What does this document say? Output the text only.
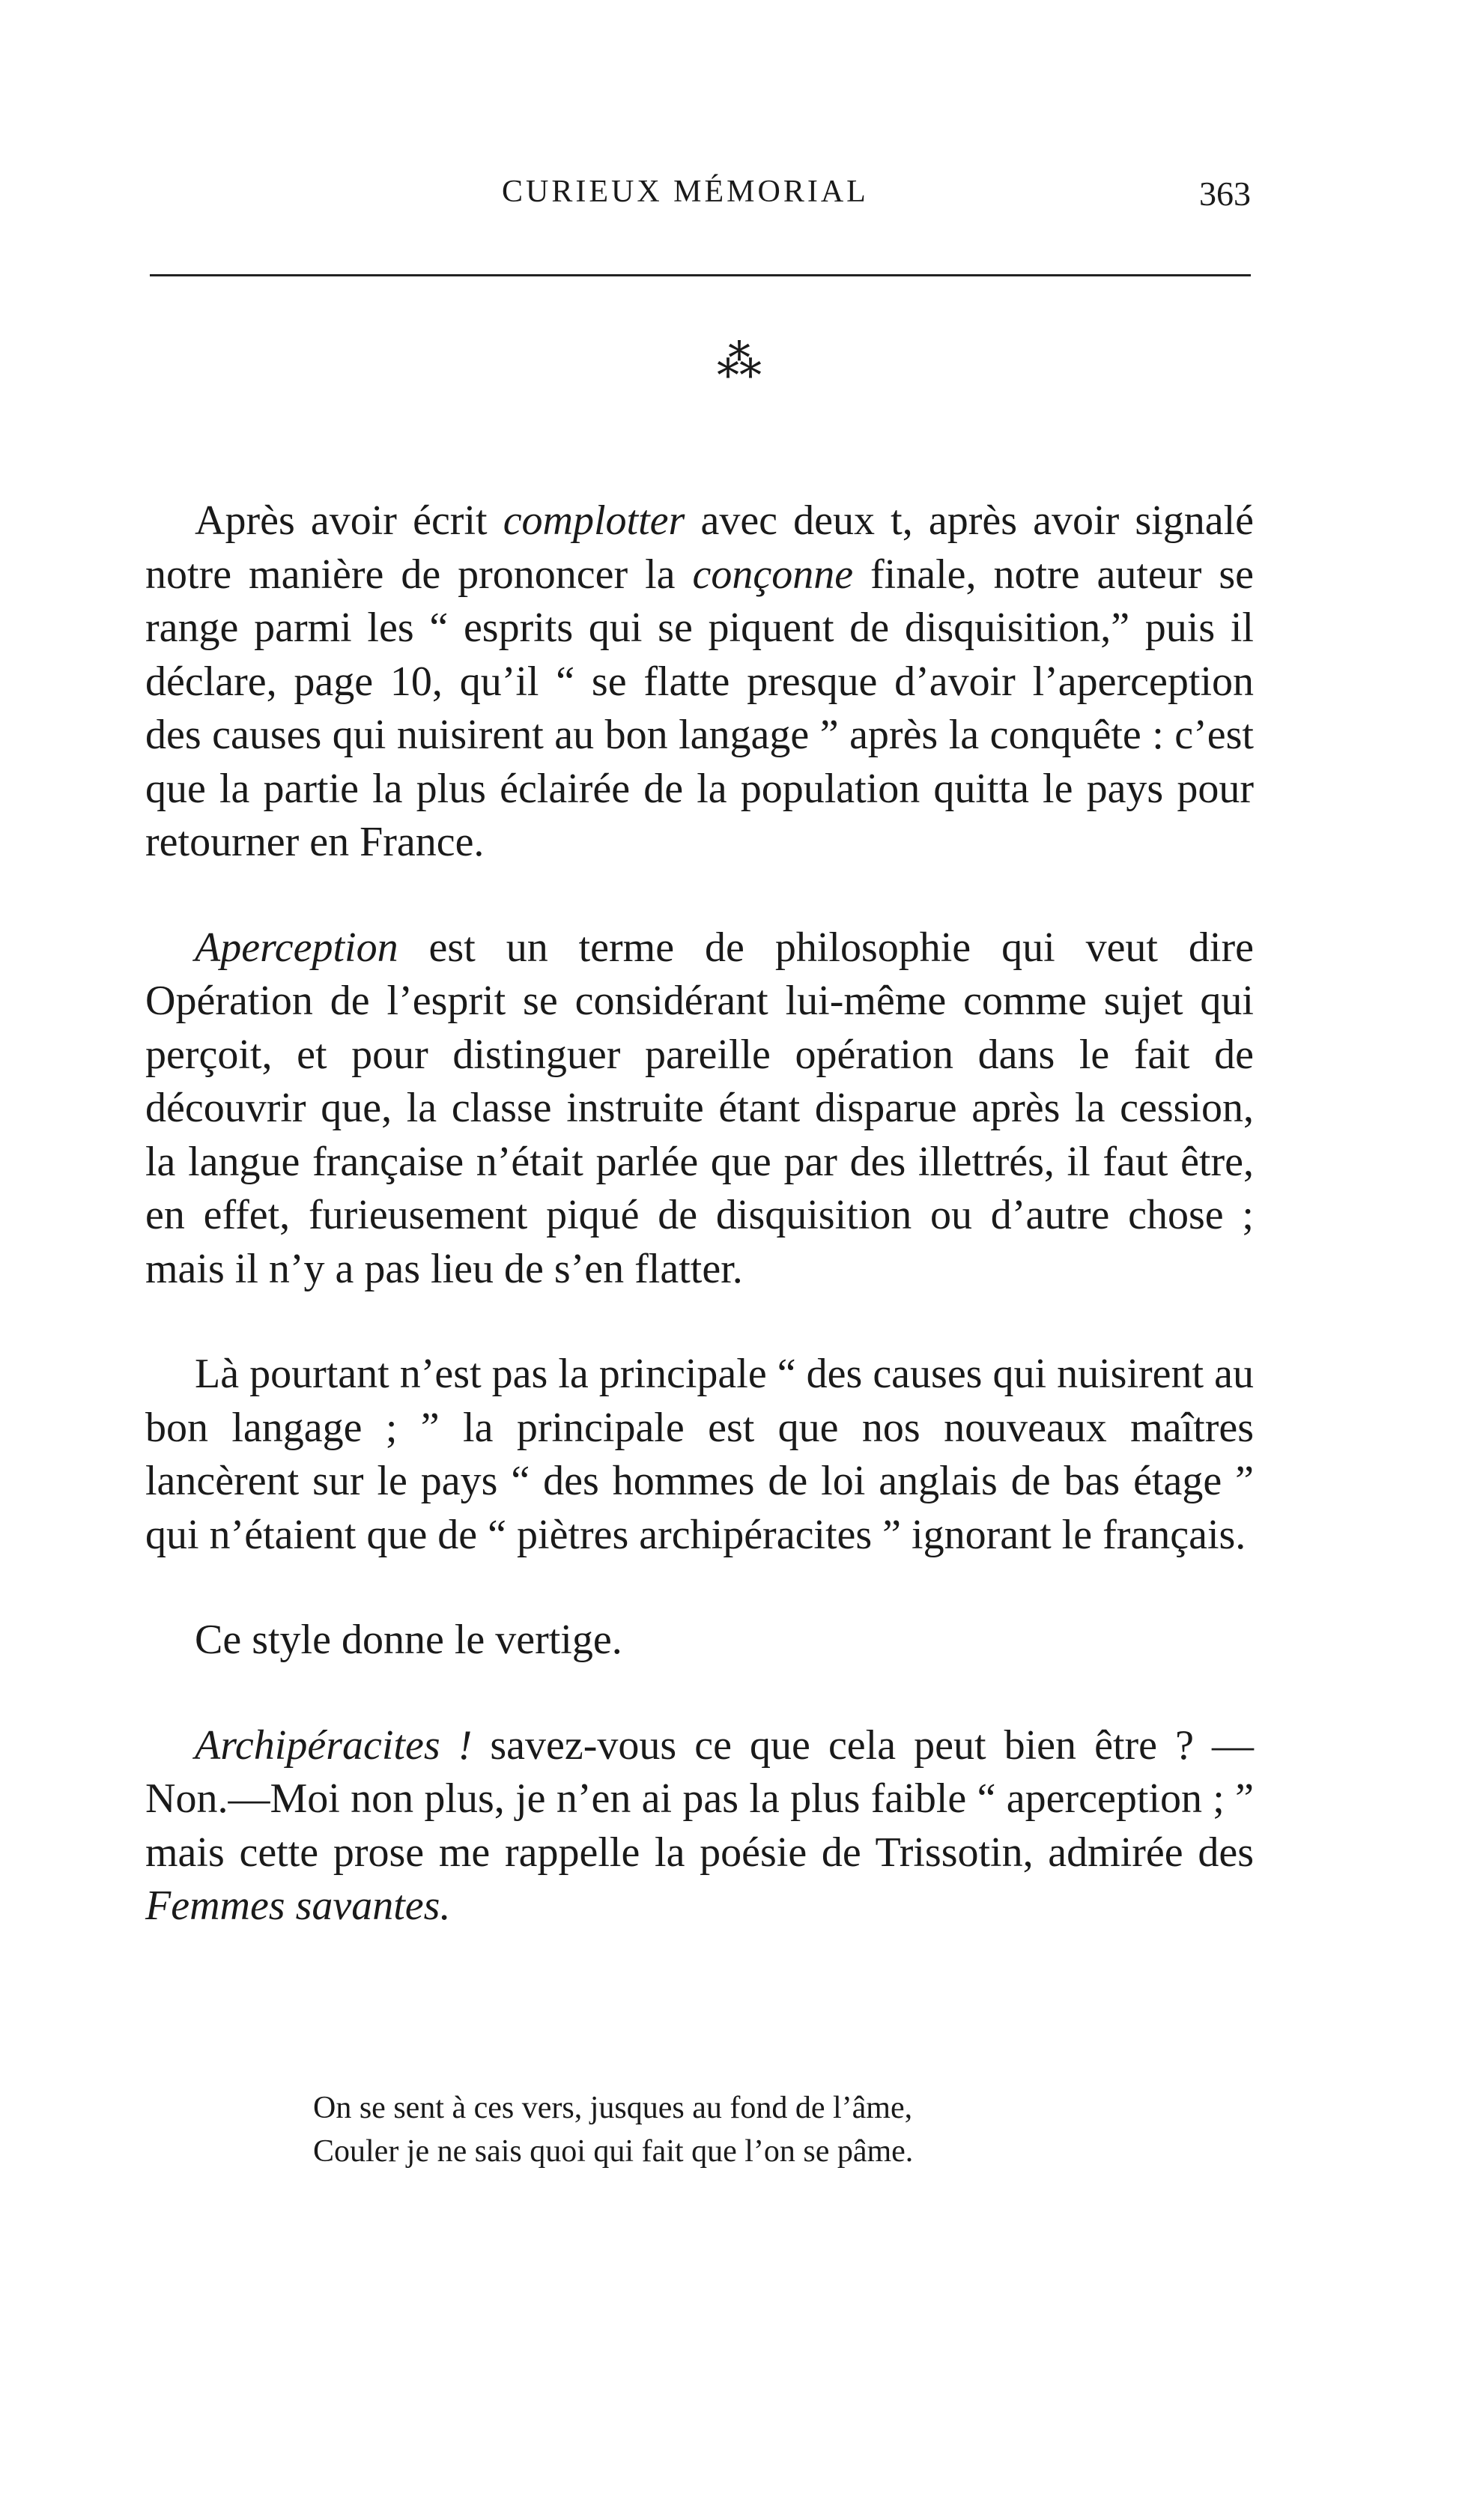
CURIEUX MÉMORIAL	363
⁂

Après avoir écrit complotter avec deux t, après avoir signalé notre manière de prononcer la conçonne finale, notre auteur se range parmi les “ esprits qui se piquent de disquisition,” puis il déclare, page 10, qu’il “ se flatte presque d’avoir l’aperception des causes qui nuisirent au bon langage ” après la conquête : c’est que la partie la plus éclairée de la population quitta le pays pour retourner en France.

Aperception est un terme de philosophie qui veut dire Opération de l’esprit se considérant lui-même comme sujet qui perçoit, et pour distinguer pareille opération dans le fait de découvrir que, la classe instruite étant disparue après la cession, la langue française n’était parlée que par des illettrés, il faut être, en effet, furieusement piqué de disquisition ou d’autre chose ; mais il n’y a pas lieu de s’en flatter.

Là pourtant n’est pas la principale “ des causes qui nuisirent au bon langage ; ” la principale est que nos nouveaux maîtres lancèrent sur le pays “ des hommes de loi anglais de bas étage ” qui n’étaient que de “ piètres archipéracites ” ignorant le français.

Ce style donne le vertige.

Archipéracites ! savez-vous ce que cela peut bien être ? —Non.—Moi non plus, je n’en ai pas la plus faible “ aperception ; ” mais cette prose me rappelle la poésie de Trissotin, admirée des Femmes savantes.

On se sent à ces vers, jusques au fond de l’âme,
Couler je ne sais quoi qui fait que l’on se pâme.
